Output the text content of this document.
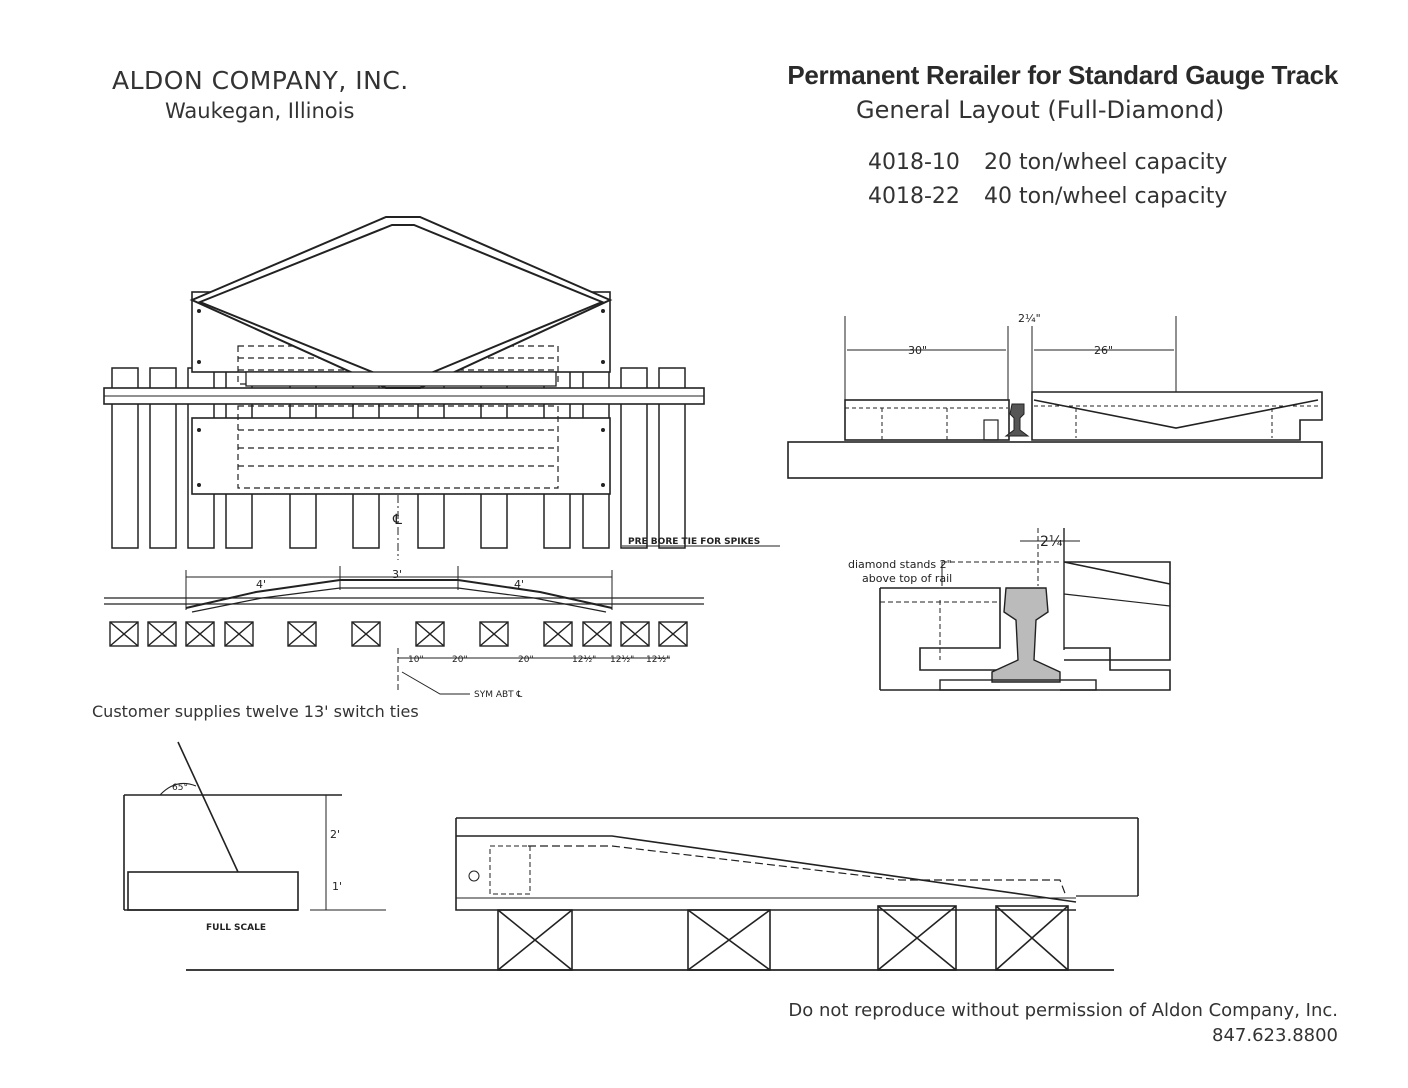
ALDON COMPANY, INC.
Waukegan, Illinois
Permanent Rerailer for Standard Gauge Track
General Layout (Full-Diamond)
4018-10 20 ton/wheel capacity
4018-22 40 ton/wheel capacity
Customer supplies twelve 13' switch ties
Do not reproduce without permission of Aldon Company, Inc.
847.623.8800
℄
PRE BORE TIE FOR SPIKES
4'
3'
4'
10"	20"	20"	12½" 12½" 12½"
SYM ABT ℄
2¼"
30"	26"
2¼
diamond stands 2"
above top of rail
65°
2'
1'
FULL SCALE
